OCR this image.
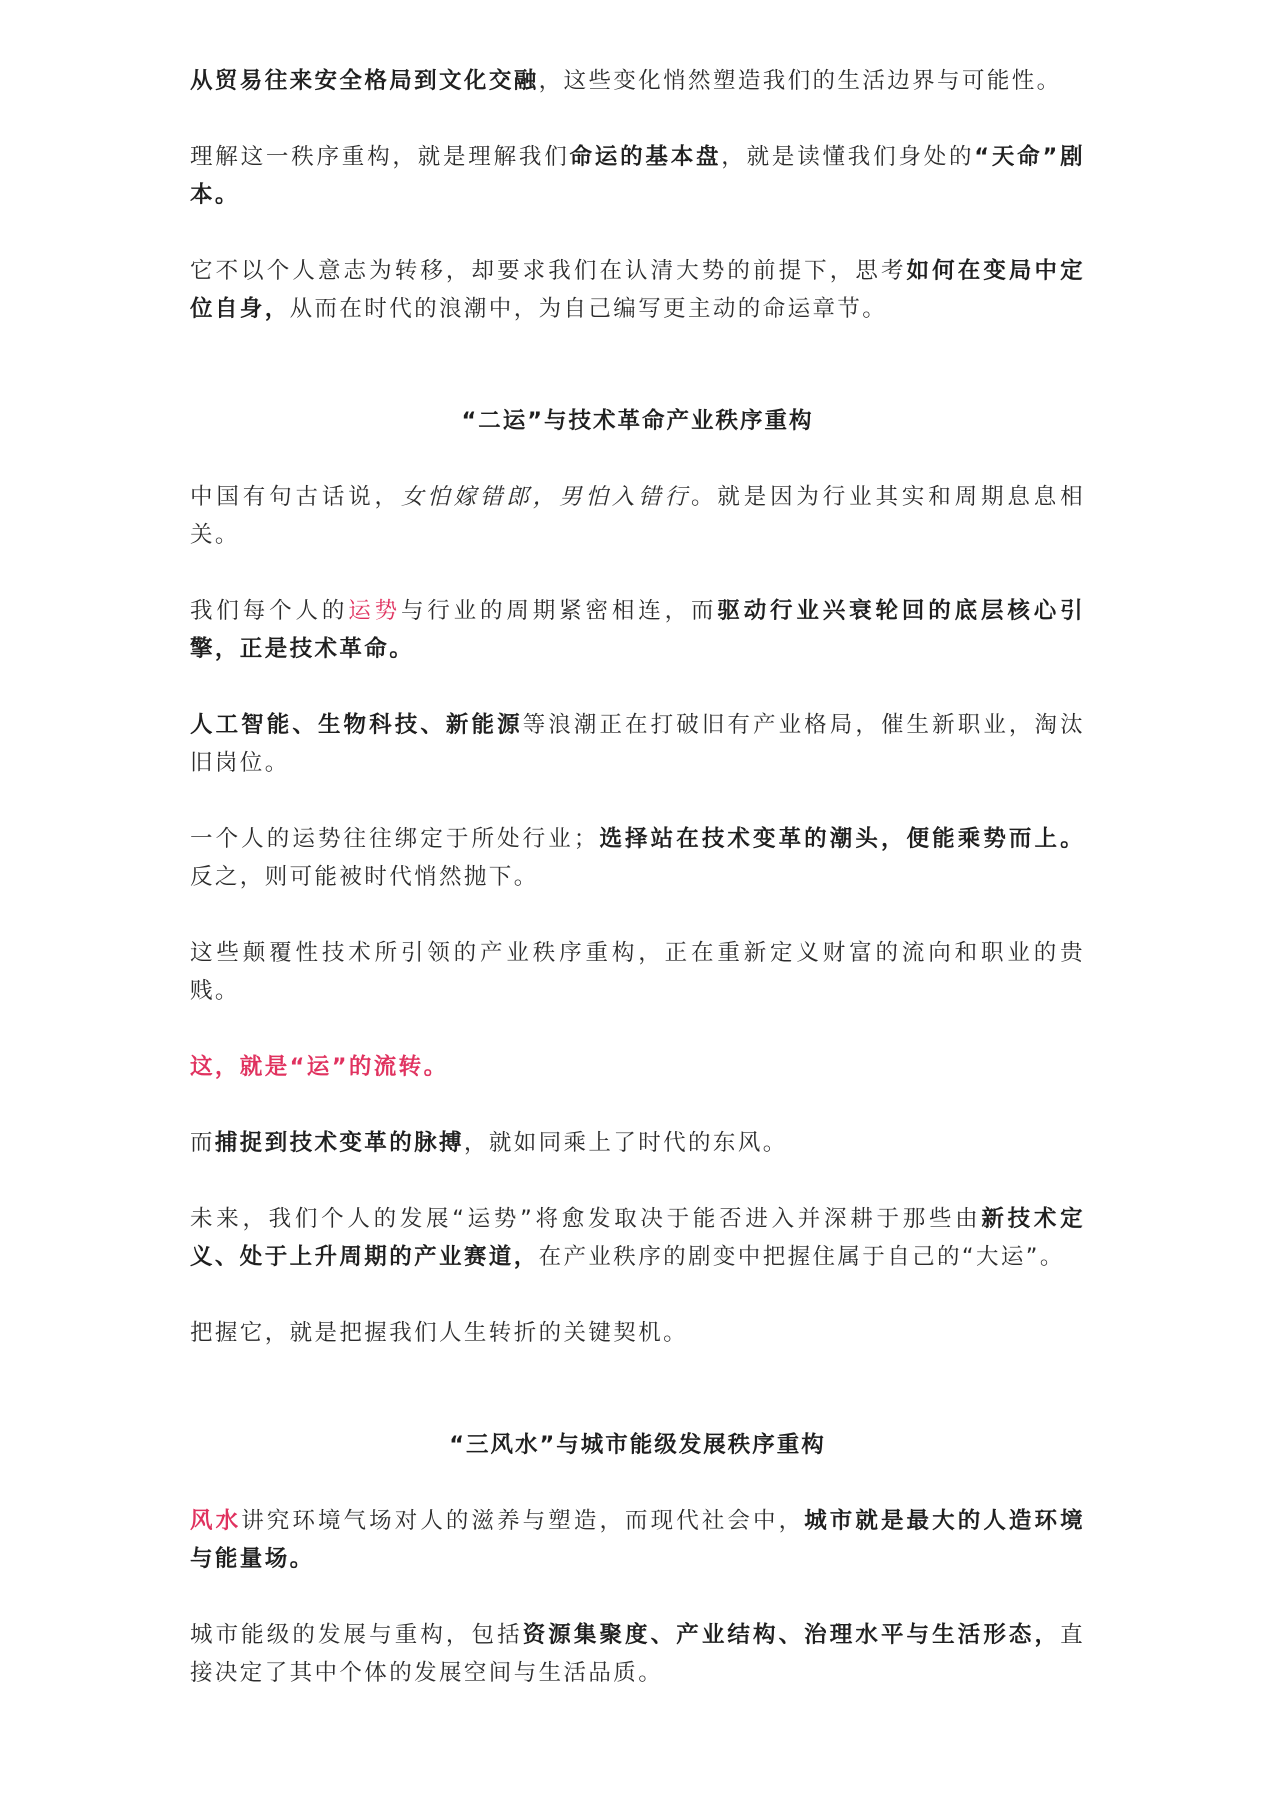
从贸易往来安全格局到文化交融，这些变化悄然塑造我们的生活边界与可能性。

理解这一秩序重构，就是理解我们命运的基本盘，就是读懂我们身处的“天命”剧本。

它不以个人意志为转移，却要求我们在认清大势的前提下，思考如何在变局中定位自身，从而在时代的浪潮中，为自己编写更主动的命运章节。

“二运”与技术革命产业秩序重构

中国有句古话说，女怕嫁错郎，男怕入错行。就是因为行业其实和周期息息相关。

我们每个人的运势与行业的周期紧密相连，而驱动行业兴衰轮回的底层核心引擎，正是技术革命。

人工智能、生物科技、新能源等浪潮正在打破旧有产业格局，催生新职业，淘汰旧岗位。

一个人的运势往往绑定于所处行业；选择站在技术变革的潮头，便能乘势而上。反之，则可能被时代悄然抛下。

这些颠覆性技术所引领的产业秩序重构，正在重新定义财富的流向和职业的贵贱。

这，就是“运”的流转。

而捕捉到技术变革的脉搏，就如同乘上了时代的东风。

未来，我们个人的发展“运势”将愈发取决于能否进入并深耕于那些由新技术定义、处于上升周期的产业赛道，在产业秩序的剧变中把握住属于自己的“大运”。

把握它，就是把握我们人生转折的关键契机。

“三风水”与城市能级发展秩序重构

风水讲究环境气场对人的滋养与塑造，而现代社会中，城市就是最大的人造环境与能量场。

城市能级的发展与重构，包括资源集聚度、产业结构、治理水平与生活形态，直接决定了其中个体的发展空间与生活品质。
